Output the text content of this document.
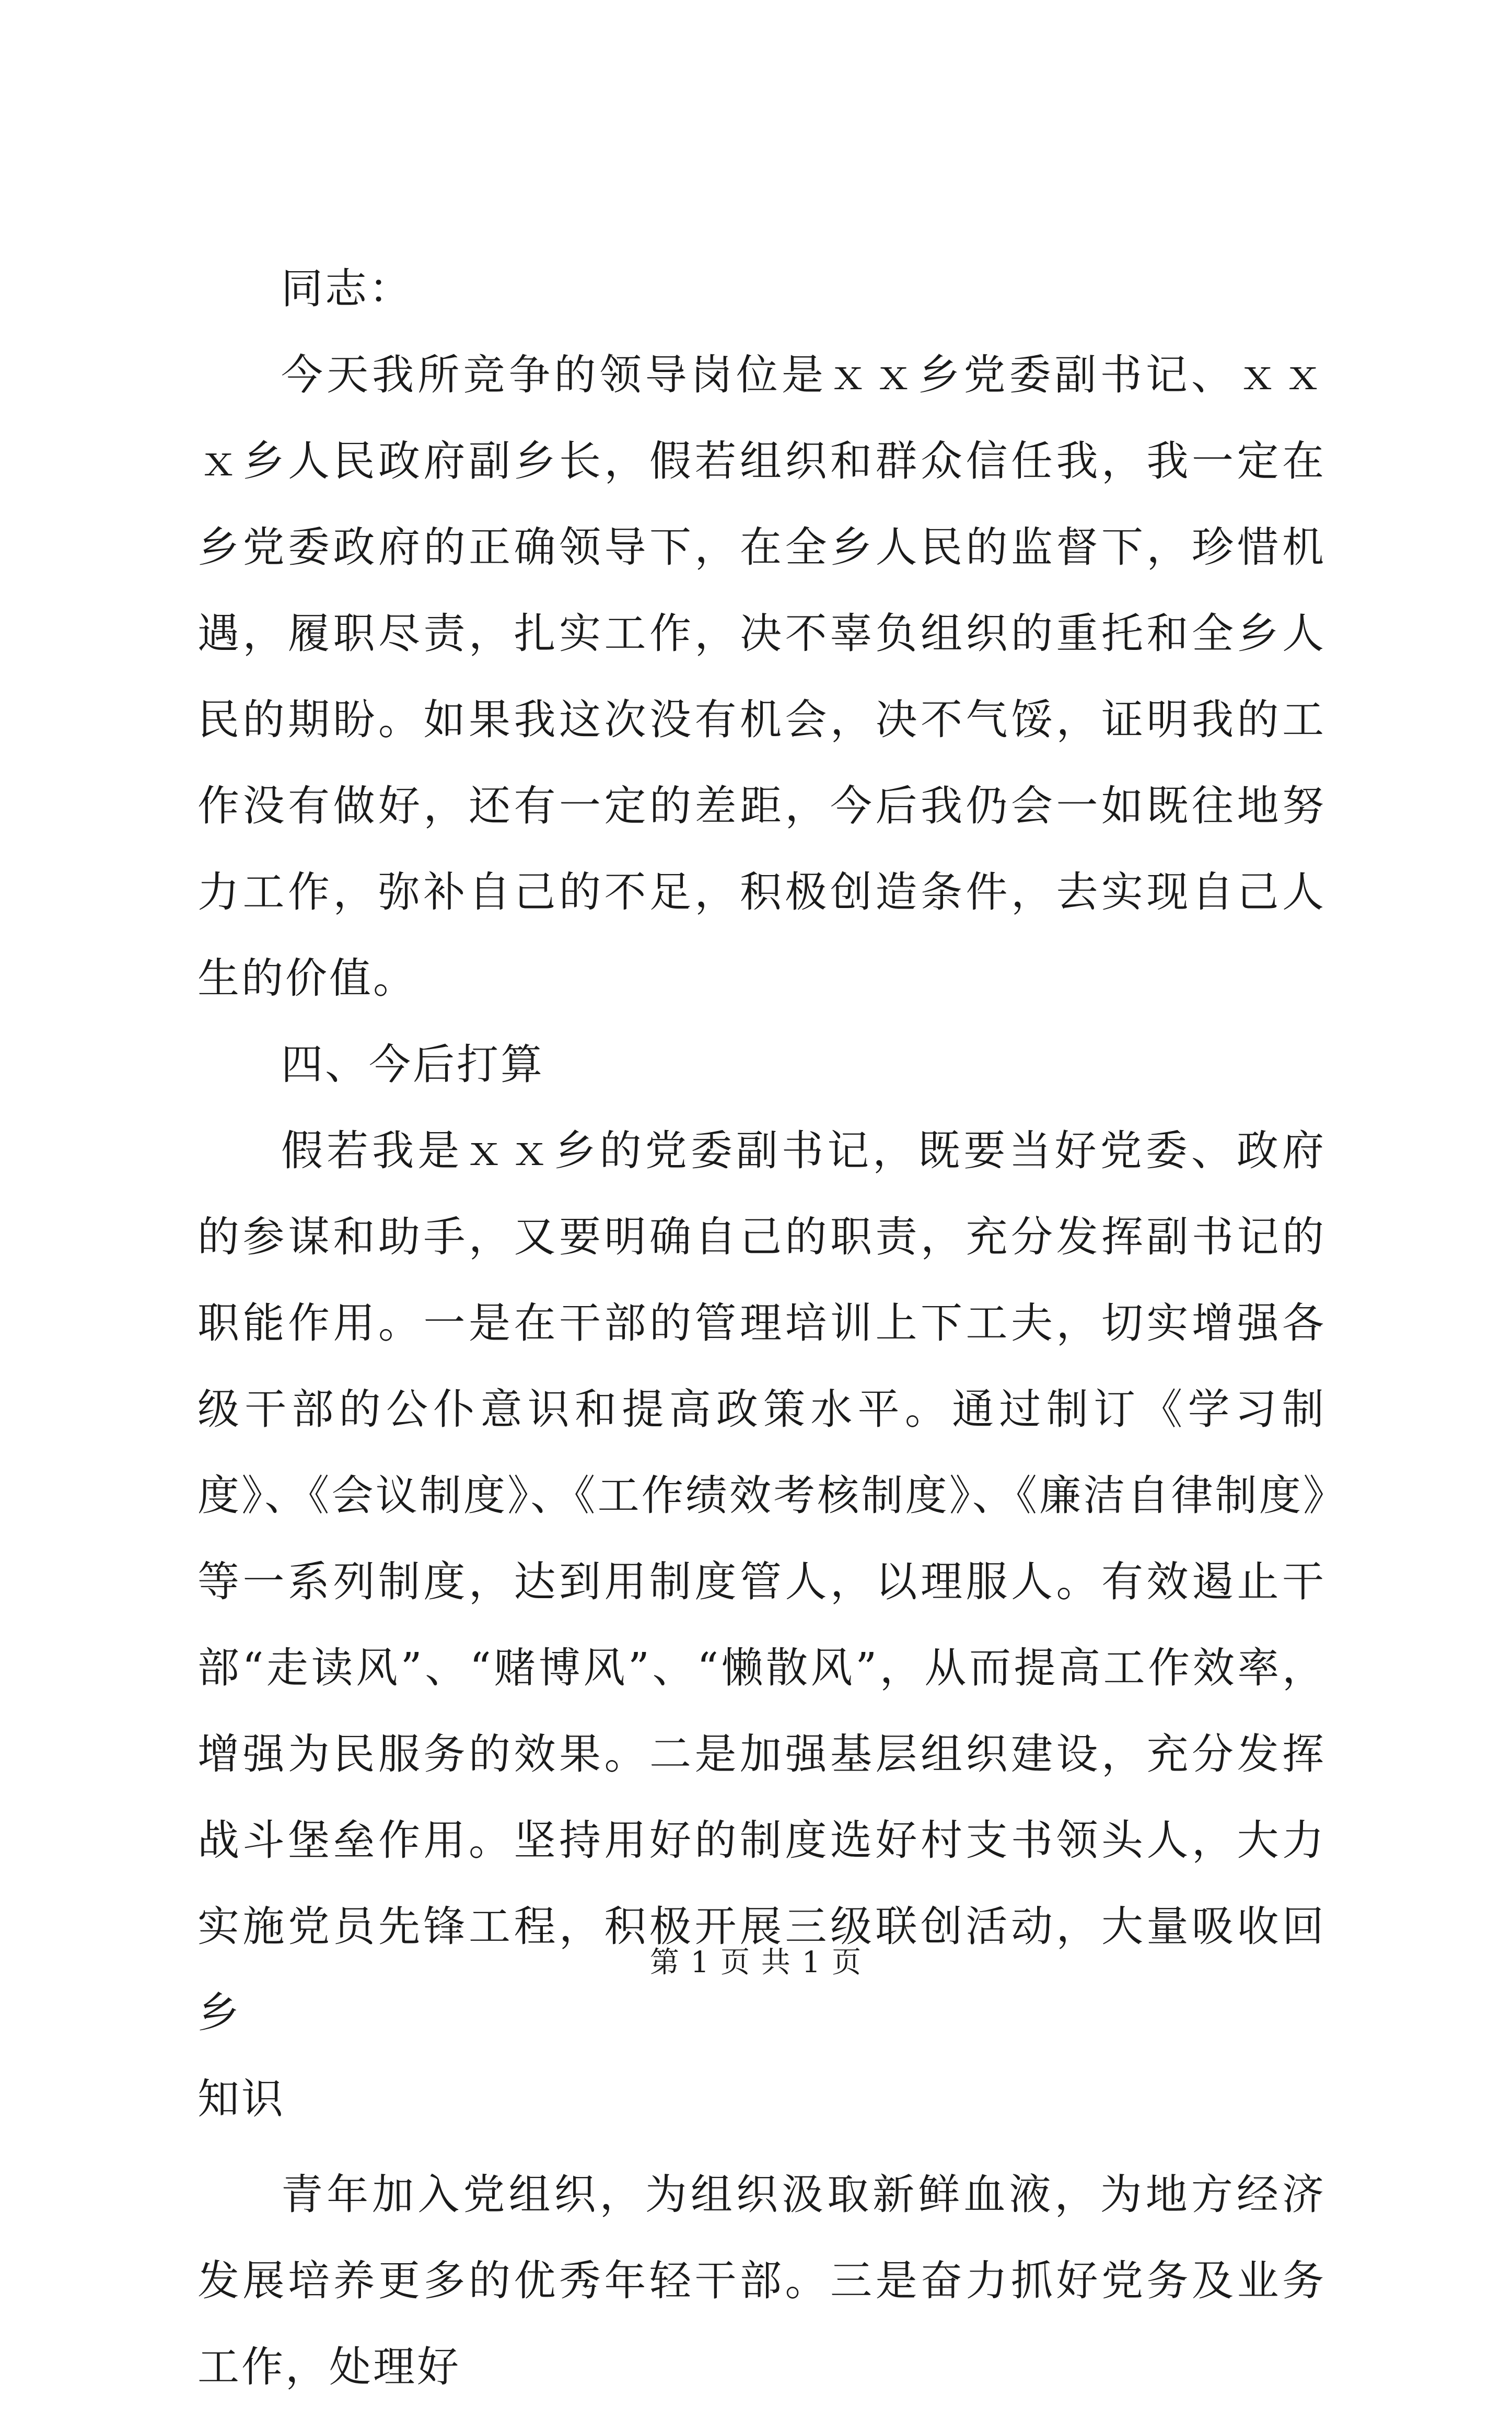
同志：

今天我所竞争的领导岗位是ｘｘ乡党委副书记、ｘｘｘ乡人民政府副乡长，假若组织和群众信任我，我一定在乡党委政府的正确领导下，在全乡人民的监督下，珍惜机遇，履职尽责，扎实工作，决不辜负组织的重托和全乡人民的期盼。如果我这次没有机会，决不气馁，证明我的工作没有做好，还有一定的差距，今后我仍会一如既往地努力工作，弥补自己的不足，积极创造条件，去实现自己人生的价值。

四、今后打算

假若我是ｘｘ乡的党委副书记，既要当好党委、政府的参谋和助手，又要明确自己的职责，充分发挥副书记的职能作用。一是在干部的管理培训上下工夫，切实增强各级干部的公仆意识和提高政策水平。通过制订《学习制度》、《会议制度》、《工作绩效考核制度》、《廉洁自律制度》等一系列制度，达到用制度管人，以理服人。有效遏止干部“走读风”、“赌博风”、“懒散风”，从而提高工作效率，增强为民服务的效果。二是加强基层组织建设，充分发挥战斗堡垒作用。坚持用好的制度选好村支书领头人，大力实施党员先锋工程，积极开展三级联创活动，大量吸收回乡

知识

青年加入党组织，为组织汲取新鲜血液，为地方经济发展培养更多的优秀年轻干部。三是奋力抓好党务及业务工作，处理好

第 1 页 共 1 页
